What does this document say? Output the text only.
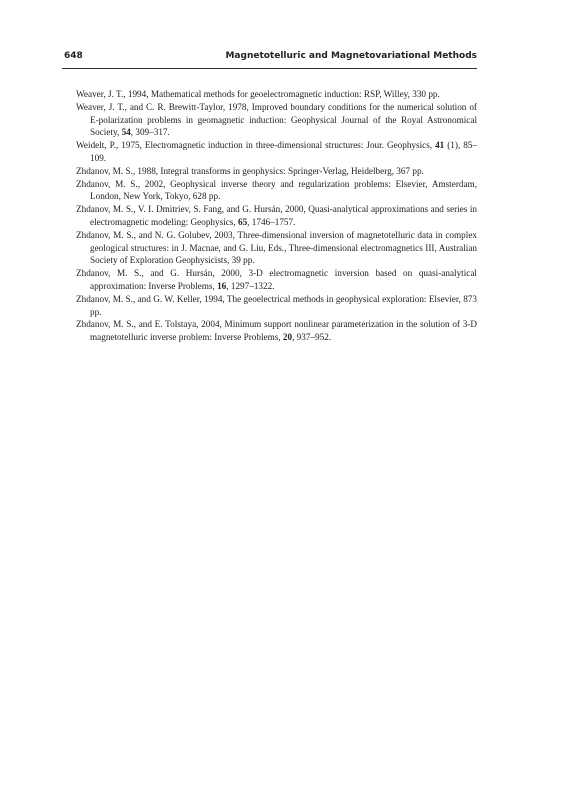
648	Magnetotelluric and Magnetovariational Methods
Weaver, J. T., 1994, Mathematical methods for geoelectromagnetic induction: RSP, Willey, 330 pp.
Weaver, J. T., and C. R. Brewitt-Taylor, 1978, Improved boundary conditions for the numerical solution of E-polarization problems in geomagnetic induction: Geophysical Journal of the Royal Astronomical Society, 54, 309–317.
Weidelt, P., 1975, Electromagnetic induction in three-dimensional structures: Jour. Geophysics, 41 (1), 85–109.
Zhdanov, M. S., 1988, Integral transforms in geophysics: Springer-Verlag, Heidelberg, 367 pp.
Zhdanov, M. S., 2002, Geophysical inverse theory and regularization problems: Elsevier, Amsterdam, London, New York, Tokyo, 628 pp.
Zhdanov, M. S., V. I. Dmitriev, S. Fang, and G. Hursán, 2000, Quasi-analytical approximations and series in electromagnetic modeling: Geophysics, 65, 1746–1757.
Zhdanov, M. S., and N. G. Golubev, 2003, Three-dimensional inversion of magnetotelluric data in complex geological structures: in J. Macnae, and G. Liu, Eds., Three-dimensional electromagnetics III, Australian Society of Exploration Geophysicists, 39 pp.
Zhdanov, M. S., and G. Hursán, 2000, 3-D electromagnetic inversion based on quasi-analytical approximation: Inverse Problems, 16, 1297–1322.
Zhdanov, M. S., and G. W. Keller, 1994, The geoelectrical methods in geophysical exploration: Elsevier, 873 pp.
Zhdanov, M. S., and E. Tolstaya, 2004, Minimum support nonlinear parameterization in the solution of 3-D magnetotelluric inverse problem: Inverse Problems, 20, 937–952.
